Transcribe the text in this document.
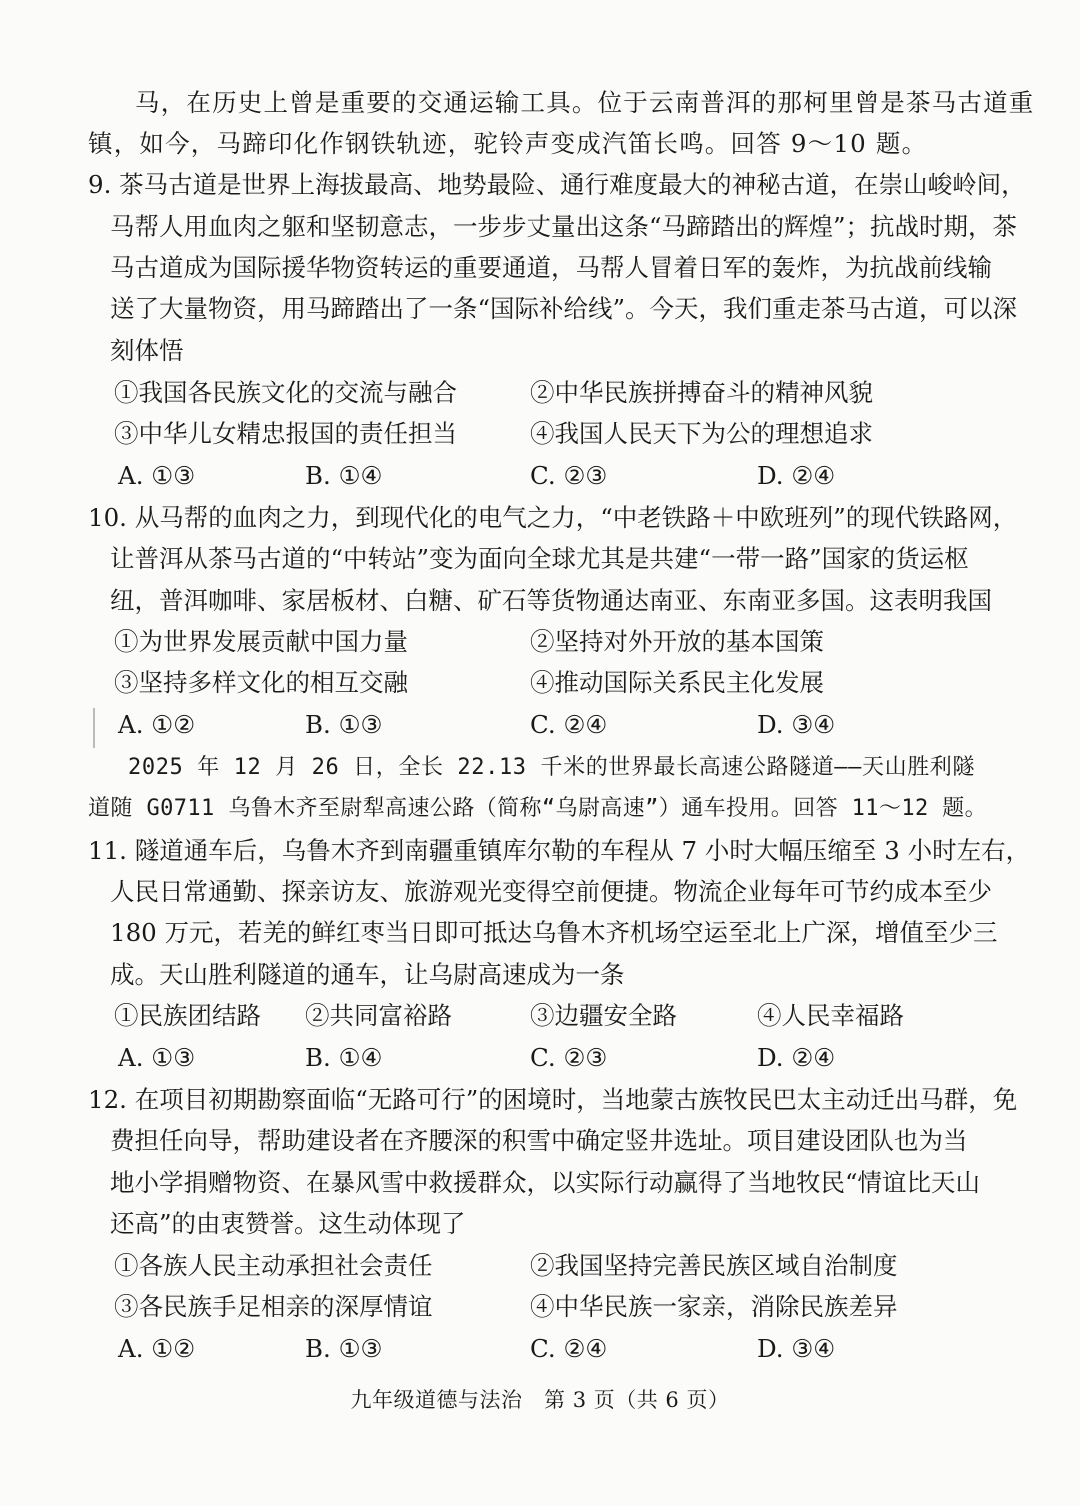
马，在历史上曾是重要的交通运输工具。位于云南普洱的那柯里曾是茶马古道重
镇，如今，马蹄印化作钢铁轨迹，驼铃声变成汽笛长鸣。回答 9～10 题。
9. 茶马古道是世界上海拔最高、地势最险、通行难度最大的神秘古道，在崇山峻岭间，
马帮人用血肉之躯和坚韧意志，一步步丈量出这条“马蹄踏出的辉煌”；抗战时期，茶
马古道成为国际援华物资转运的重要通道，马帮人冒着日军的轰炸，为抗战前线输
送了大量物资，用马蹄踏出了一条“国际补给线”。今天，我们重走茶马古道，可以深
刻体悟
①我国各民族文化的交流与融合	②中华民族拼搏奋斗的精神风貌
③中华儿女精忠报国的责任担当	④我国人民天下为公的理想追求
A. ①③	B. ①④	C. ②③	D. ②④
10. 从马帮的血肉之力，到现代化的电气之力，“中老铁路＋中欧班列”的现代铁路网，
让普洱从茶马古道的“中转站”变为面向全球尤其是共建“一带一路”国家的货运枢
纽，普洱咖啡、家居板材、白糖、矿石等货物通达南亚、东南亚多国。这表明我国
①为世界发展贡献中国力量	②坚持对外开放的基本国策
③坚持多样文化的相互交融	④推动国际关系民主化发展
A. ①②	B. ①③	C. ②④	D. ③④
2025 年 12 月 26 日，全长 22.13 千米的世界最长高速公路隧道——天山胜利隧
道随 G0711 乌鲁木齐至尉犁高速公路（简称“乌尉高速”）通车投用。回答 11～12 题。
11. 隧道通车后，乌鲁木齐到南疆重镇库尔勒的车程从 7 小时大幅压缩至 3 小时左右，
人民日常通勤、探亲访友、旅游观光变得空前便捷。物流企业每年可节约成本至少
180 万元，若羌的鲜红枣当日即可抵达乌鲁木齐机场空运至北上广深，增值至少三
成。天山胜利隧道的通车，让乌尉高速成为一条
①民族团结路 ②共同富裕路	③边疆安全路	④人民幸福路
A. ①③	B. ①④	C. ②③	D. ②④
12. 在项目初期勘察面临“无路可行”的困境时，当地蒙古族牧民巴太主动迁出马群，免
费担任向导，帮助建设者在齐腰深的积雪中确定竖井选址。项目建设团队也为当
地小学捐赠物资、在暴风雪中救援群众，以实际行动赢得了当地牧民“情谊比天山
还高”的由衷赞誉。这生动体现了
①各族人民主动承担社会责任	②我国坚持完善民族区域自治制度
③各民族手足相亲的深厚情谊	④中华民族一家亲，消除民族差异
A. ①②	B. ①③	C. ②④	D. ③④
九年级道德与法治　第 3 页（共 6 页）
